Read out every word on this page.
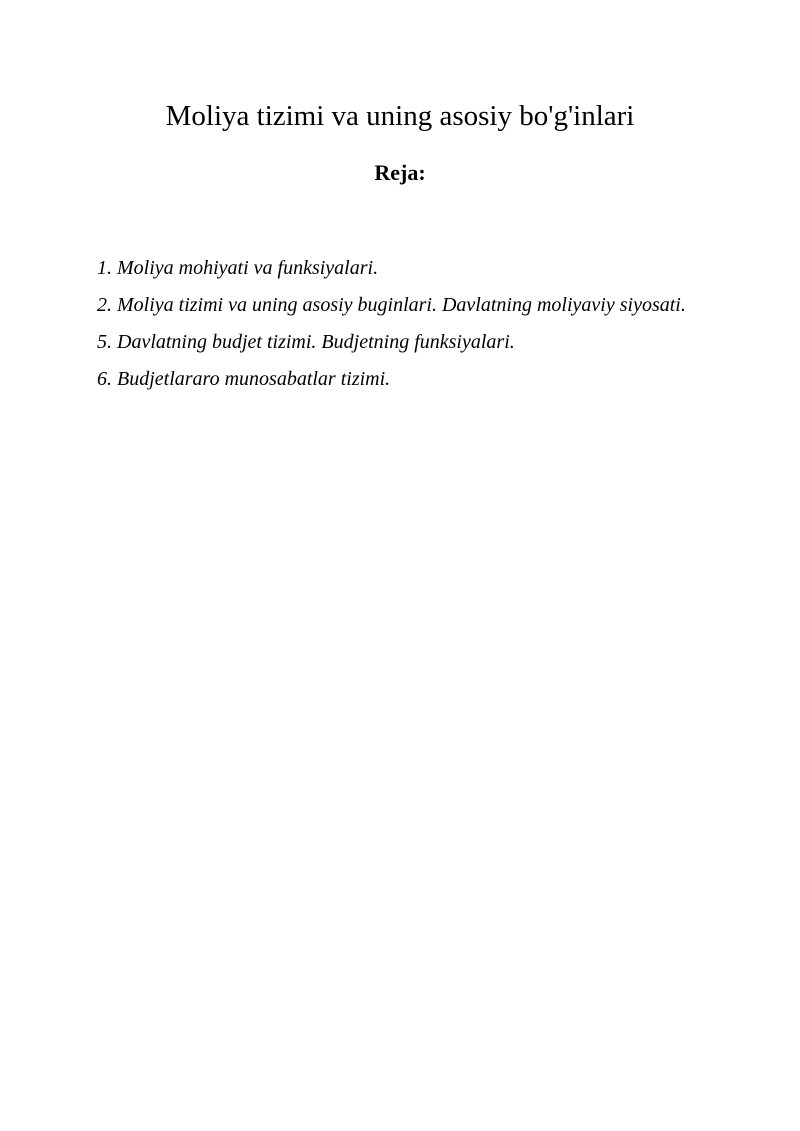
Moliya tizimi va uning asosiy bo'g'inlari
Reja:
1. Moliya mohiyati va funksiyalari.
2. Moliya tizimi va uning asosiy buginlari. Davlatning moliyaviy siyosati.
5. Davlatning budjet tizimi. Budjetning funksiyalari.
6. Budjetlararo munosabatlar tizimi.
